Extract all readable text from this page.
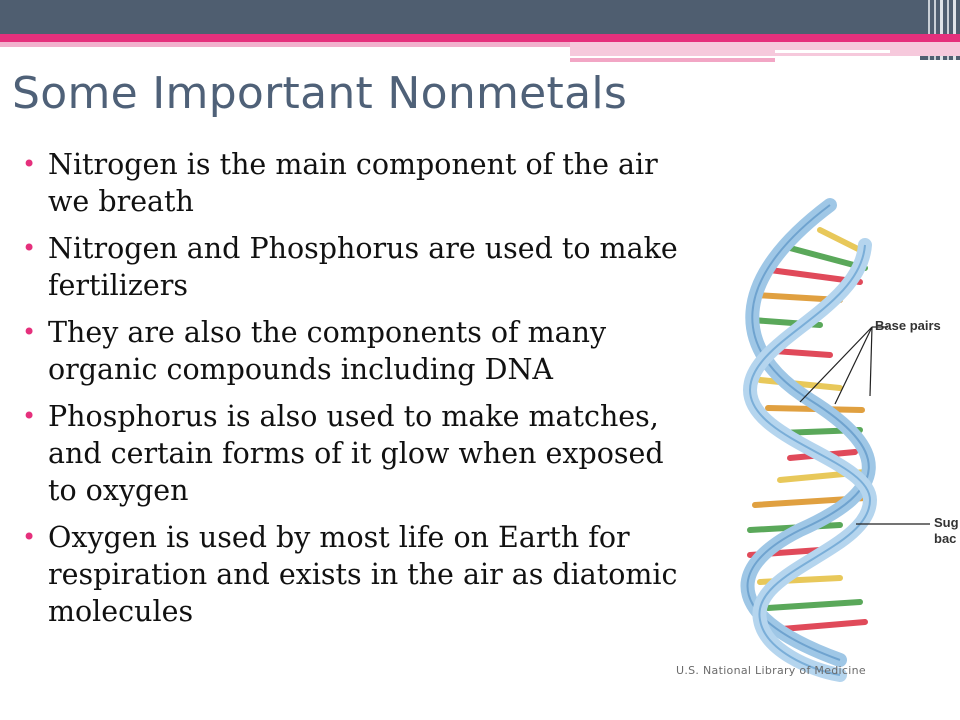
Some Important Nonmetals
• Nitrogen is the main component of the air we breath
• Nitrogen and Phosphorus are used to make fertilizers
• They are also the components of many organic compounds including DNA
• Phosphorus is also used to make matches, and certain forms of it glow when exposed to oxygen
• Oxygen is used by most life on Earth for respiration and exists in the air as diatomic molecules
Base pairs
Sug
bac
U.S. National Library of Medicine
